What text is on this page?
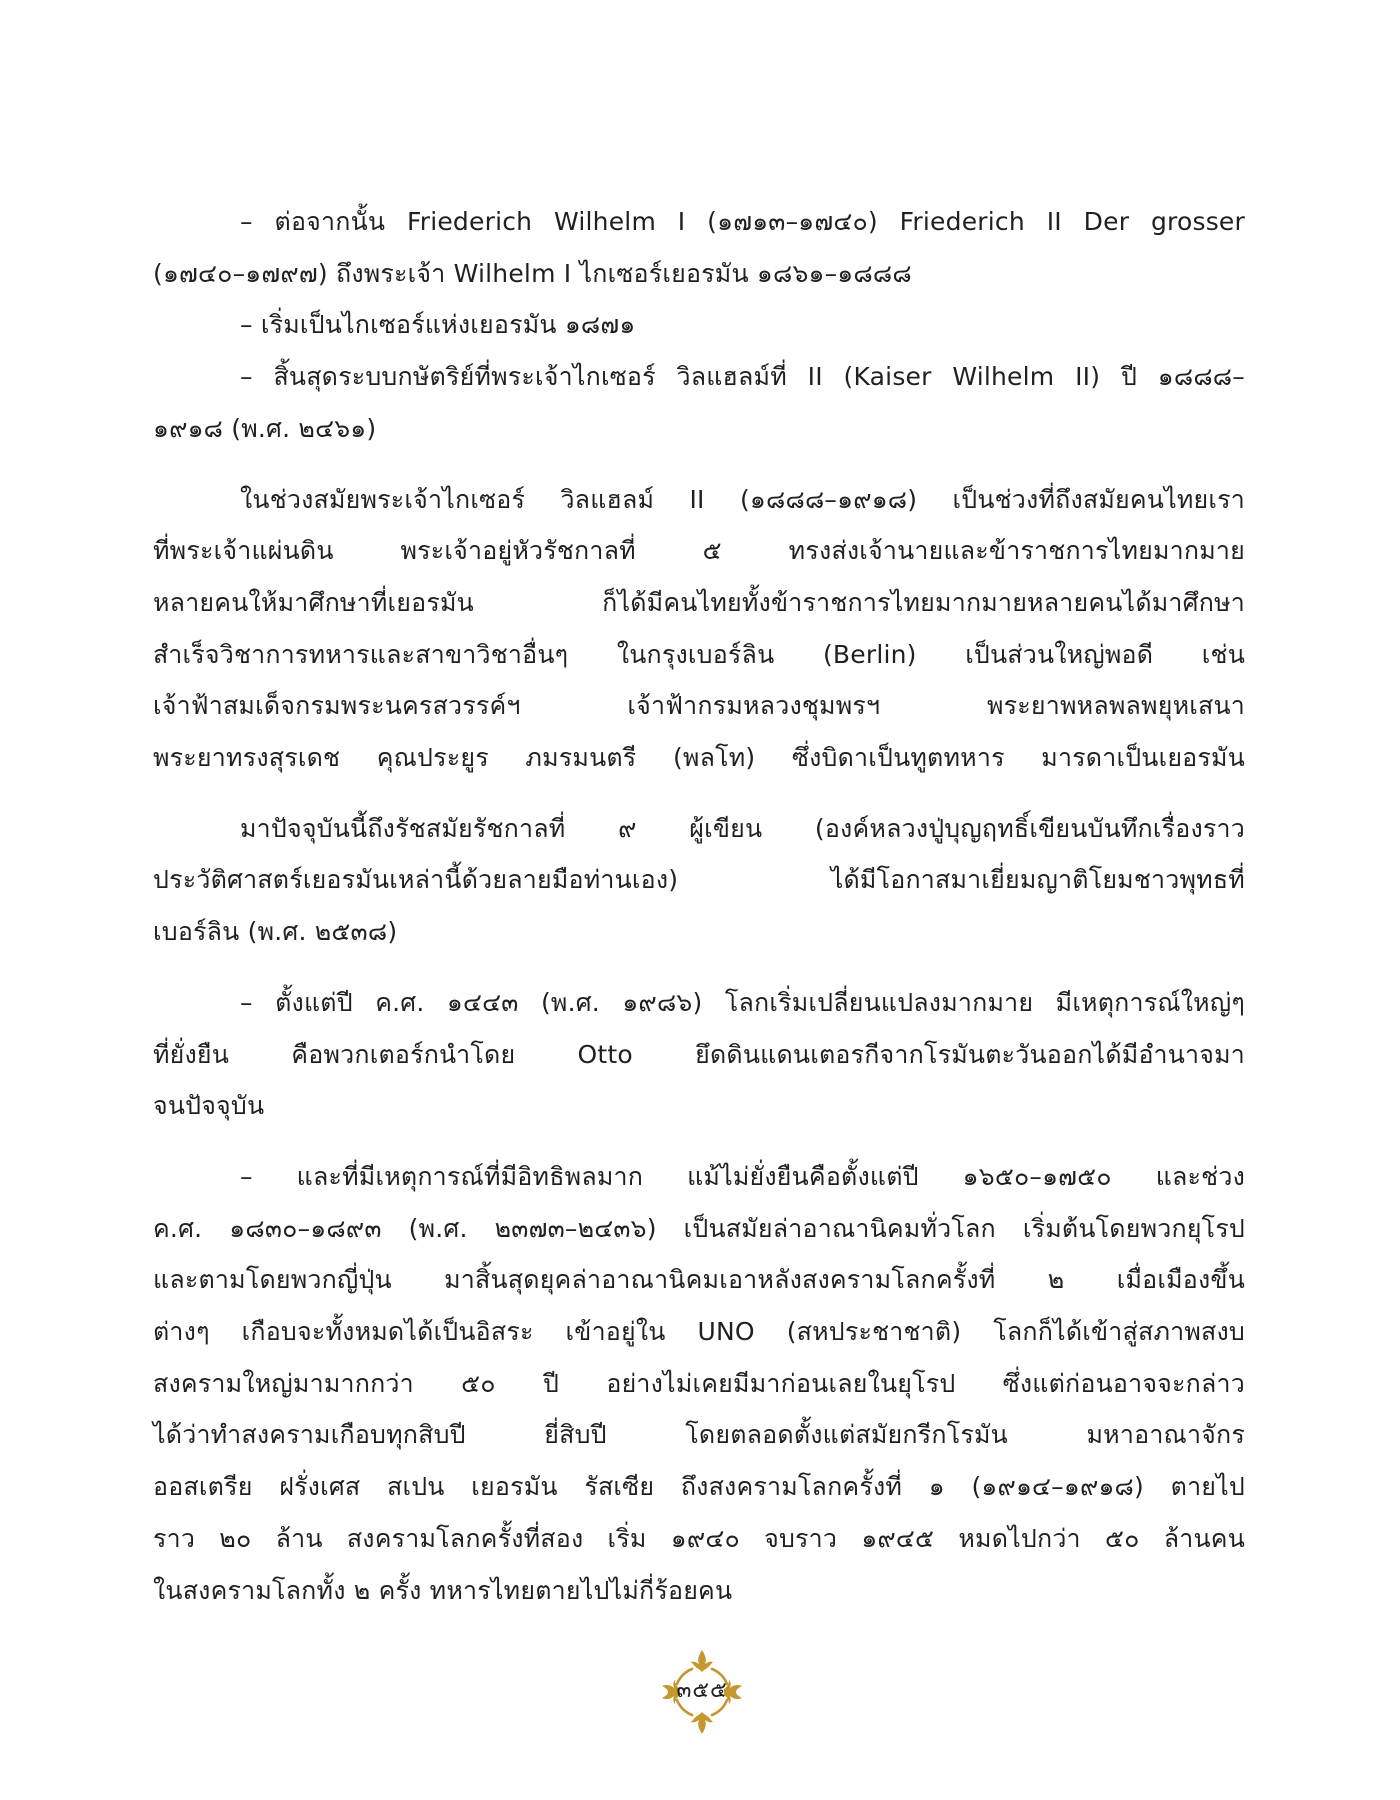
– ต่อจากนั้น Friederich Wilhelm I (๑๗๑๓–๑๗๔๐) Friederich II Der grosser
(๑๗๔๐–๑๗๙๗) ถึงพระเจ้า Wilhelm I ไกเซอร์เยอรมัน ๑๘๖๑–๑๘๘๘
– เริ่มเป็นไกเซอร์แห่งเยอรมัน ๑๘๗๑
– สิ้นสุดระบบกษัตริย์ที่พระเจ้าไกเซอร์ วิลแฮลม์ที่ II (Kaiser Wilhelm II) ปี ๑๘๘๘–
๑๙๑๘ (พ.ศ. ๒๔๖๑)
ในช่วงสมัยพระเจ้าไกเซอร์ วิลแฮลม์ II (๑๘๘๘–๑๙๑๘) เป็นช่วงที่ถึงสมัยคนไทยเรา
ที่พระเจ้าแผ่นดิน พระเจ้าอยู่หัวรัชกาลที่ ๕ ทรงส่งเจ้านายและข้าราชการไทยมากมาย
หลายคนให้มาศึกษาที่เยอรมัน ก็ได้มีคนไทยทั้งข้าราชการไทยมากมายหลายคนได้มาศึกษา
สำเร็จวิชาการทหารและสาขาวิชาอื่นๆ ในกรุงเบอร์ลิน (Berlin) เป็นส่วนใหญ่พอดี เช่น
เจ้าฟ้าสมเด็จกรมพระนครสวรรค์ฯ เจ้าฟ้ากรมหลวงชุมพรฯ พระยาพหลพลพยุหเสนา
พระยาทรงสุรเดช คุณประยูร ภมรมนตรี (พลโท) ซึ่งบิดาเป็นทูตทหาร มารดาเป็นเยอรมัน
มาปัจจุบันนี้ถึงรัชสมัยรัชกาลที่ ๙ ผู้เขียน (องค์หลวงปู่บุญฤทธิ์เขียนบันทึกเรื่องราว
ประวัติศาสตร์เยอรมันเหล่านี้ด้วยลายมือท่านเอง) ได้มีโอกาสมาเยี่ยมญาติโยมชาวพุทธที่
เบอร์ลิน (พ.ศ. ๒๕๓๘)
– ตั้งแต่ปี ค.ศ. ๑๔๔๓ (พ.ศ. ๑๙๘๖) โลกเริ่มเปลี่ยนแปลงมากมาย มีเหตุการณ์ใหญ่ๆ
ที่ยั่งยืน คือพวกเตอร์กนำโดย Otto ยึดดินแดนเตอรกีจากโรมันตะวันออกได้มีอำนาจมา
จนปัจจุบัน
– และที่มีเหตุการณ์ที่มีอิทธิพลมาก แม้ไม่ยั่งยืนคือตั้งแต่ปี ๑๖๕๐–๑๗๕๐ และช่วง
ค.ศ. ๑๘๓๐–๑๘๙๓ (พ.ศ. ๒๓๗๓–๒๔๓๖) เป็นสมัยล่าอาณานิคมทั่วโลก เริ่มต้นโดยพวกยุโรป
และตามโดยพวกญี่ปุ่น มาสิ้นสุดยุคล่าอาณานิคมเอาหลังสงครามโลกครั้งที่ ๒ เมื่อเมืองขึ้น
ต่างๆ เกือบจะทั้งหมดได้เป็นอิสระ เข้าอยู่ใน UNO (สหประชาชาติ) โลกก็ได้เข้าสู่สภาพสงบ
สงครามใหญ่มามากกว่า ๕๐ ปี อย่างไม่เคยมีมาก่อนเลยในยุโรป ซึ่งแต่ก่อนอาจจะกล่าว
ได้ว่าทำสงครามเกือบทุกสิบปี ยี่สิบปี โดยตลอดตั้งแต่สมัยกรีกโรมัน มหาอาณาจักร
ออสเตรีย ฝรั่งเศส สเปน เยอรมัน รัสเซีย ถึงสงครามโลกครั้งที่ ๑ (๑๙๑๔–๑๙๑๘) ตายไป
ราว ๒๐ ล้าน สงครามโลกครั้งที่สอง เริ่ม ๑๙๔๐ จบราว ๑๙๔๕ หมดไปกว่า ๕๐ ล้านคน
ในสงครามโลกทั้ง ๒ ครั้ง ทหารไทยตายไปไม่กี่ร้อยคน
๓๕๕
